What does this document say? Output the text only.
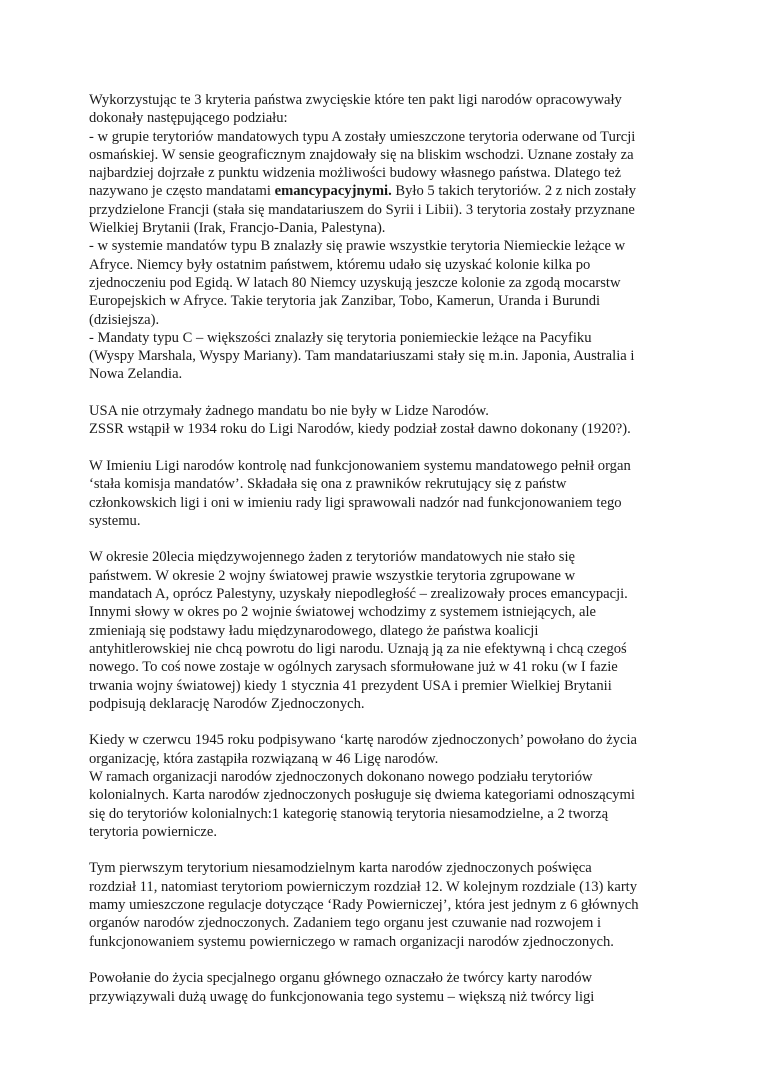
Wykorzystując te 3 kryteria państwa zwycięskie które ten pakt ligi narodów opracowywały
dokonały następującego podziału:
- w grupie terytoriów mandatowych typu A zostały umieszczone terytoria oderwane od Turcji
osmańskiej. W sensie geograficznym znajdowały się na bliskim wschodzi. Uznane zostały za
najbardziej dojrzałe z punktu widzenia możliwości budowy własnego państwa. Dlatego też
nazywano je często mandatami emancypacyjnymi. Było 5 takich terytoriów. 2 z nich zostały
przydzielone Francji (stała się mandatariuszem do Syrii i Libii). 3 terytoria zostały przyznane
Wielkiej Brytanii (Irak, Francjo-Dania, Palestyna).
- w systemie mandatów typu B znalazły się prawie wszystkie terytoria Niemieckie leżące w
Afryce. Niemcy były ostatnim państwem, któremu udało się uzyskać kolonie kilka po
zjednoczeniu pod Egidą. W latach 80 Niemcy uzyskują jeszcze kolonie za zgodą mocarstw
Europejskich w Afryce. Takie terytoria jak Zanzibar, Tobo, Kamerun, Uranda i Burundi
(dzisiejsza).
- Mandaty typu C – większości znalazły się terytoria poniemieckie leżące na Pacyfiku
(Wyspy Marshala, Wyspy Mariany). Tam mandatariuszami stały się m.in. Japonia, Australia i
Nowa Zelandia.

USA nie otrzymały żadnego mandatu bo nie były w Lidze Narodów.
ZSSR wstąpił w 1934 roku do Ligi Narodów, kiedy podział został dawno dokonany (1920?).

W Imieniu Ligi narodów kontrolę nad funkcjonowaniem systemu mandatowego pełnił organ
‘stała komisja mandatów’. Składała się ona z prawników rekrutujący się z państw
członkowskich ligi i oni w imieniu rady ligi sprawowali nadzór nad funkcjonowaniem tego
systemu.

W okresie 20lecia międzywojennego żaden z terytoriów mandatowych nie stało się
państwem. W okresie 2 wojny światowej prawie wszystkie terytoria zgrupowane w
mandatach A, oprócz Palestyny, uzyskały niepodległość – zrealizowały proces emancypacji.
Innymi słowy w okres po 2 wojnie światowej wchodzimy z systemem istniejących, ale
zmieniają się podstawy ładu międzynarodowego, dlatego że państwa koalicji
antyhitlerowskiej nie chcą powrotu do ligi narodu. Uznają ją za nie efektywną i chcą czegoś
nowego. To coś nowe zostaje w ogólnych zarysach sformułowane już w 41 roku (w I fazie
trwania wojny światowej) kiedy 1 stycznia 41 prezydent USA i premier Wielkiej Brytanii
podpisują deklarację Narodów Zjednoczonych.

Kiedy w czerwcu 1945 roku podpisywano ‘kartę narodów zjednoczonych’ powołano do życia
organizację, która zastąpiła rozwiązaną w 46 Ligę narodów.
W ramach organizacji narodów zjednoczonych dokonano nowego podziału terytoriów
kolonialnych. Karta narodów zjednoczonych posługuje się dwiema kategoriami odnoszącymi
się do terytoriów kolonialnych:1 kategorię stanowią terytoria niesamodzielne, a 2 tworzą
terytoria powiernicze.

Tym pierwszym terytorium niesamodzielnym karta narodów zjednoczonych poświęca
rozdział 11, natomiast terytoriom powierniczym rozdział 12. W kolejnym rozdziale (13) karty
mamy umieszczone regulacje dotyczące ‘Rady Powierniczej’, która jest jednym z 6 głównych
organów narodów zjednoczonych. Zadaniem tego organu jest czuwanie nad rozwojem i
funkcjonowaniem systemu powierniczego w ramach organizacji narodów zjednoczonych.

Powołanie do życia specjalnego organu głównego oznaczało że twórcy karty narodów
przywiązywali dużą uwagę do funkcjonowania tego systemu – większą niż twórcy ligi
